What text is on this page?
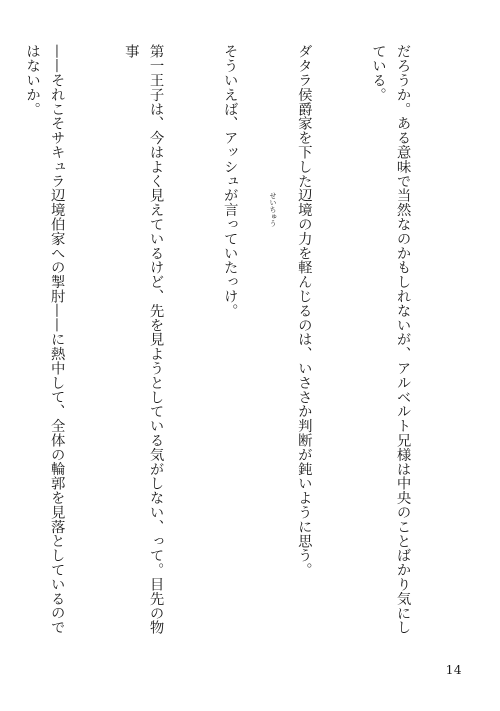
だろうか。ある意味で当然なのかもしれないが、アルベルト兄様は中央のことばかり気にしている。

ダタラ侯爵家を下した辺境の力を軽んじるのは、いささか判断が鈍いように思う。

そういえば、アッシュが言っていたっけ。

第一王子は、今はよく見えているけど、先を見ようとしている気がしない、って。目先の物事

——それこそサキュラ辺境伯家への掣肘——に熱中して、全体の輪郭を見落としているのではないか。

せいちゅう
14
